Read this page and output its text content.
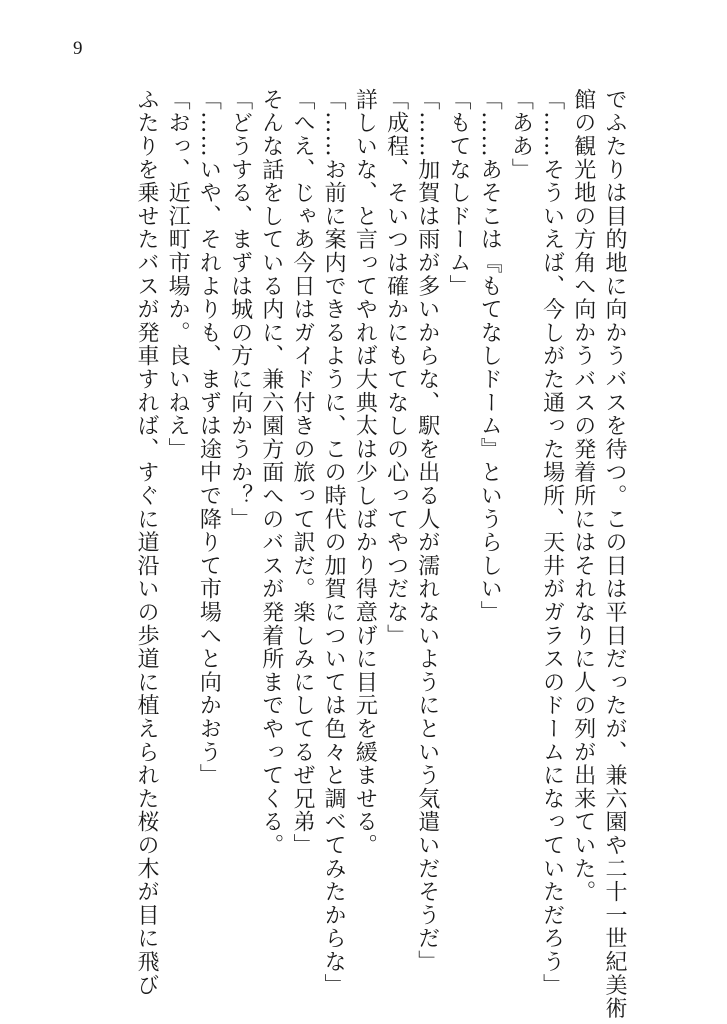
9
でふたりは目的地に向かうバスを待つ。この日は平日だったが、兼六園や二十一世紀美術
館の観光地の方角へ向かうバスの発着所にはそれなりに人の列が出来ていた。
「……そういえば、今しがた通った場所、天井がガラスのドームになっていただろう」
「ああ」
「……あそこは『もてなしドーム』というらしい」
「もてなしドーム」
「……加賀は雨が多いからな、駅を出る人が濡れないようにという気遣いだそうだ」
「成程、そいつは確かにもてなしの心ってやつだな」
詳しいな、と言ってやれば大典太は少しばかり得意げに目元を緩ませる。
「……お前に案内できるように、この時代の加賀については色々と調べてみたからな」
「へえ、じゃあ今日はガイド付きの旅って訳だ。楽しみにしてるぜ兄弟」
そんな話をしている内に、兼六園方面へのバスが発着所までやってくる。
「どうする、まずは城の方に向かうか？」
「……いや、それよりも、まずは途中で降りて市場へと向かおう」
「おっ、近江町市場か。良いねえ」
ふたりを乗せたバスが発車すれば、すぐに道沿いの歩道に植えられた桜の木が目に飛び
